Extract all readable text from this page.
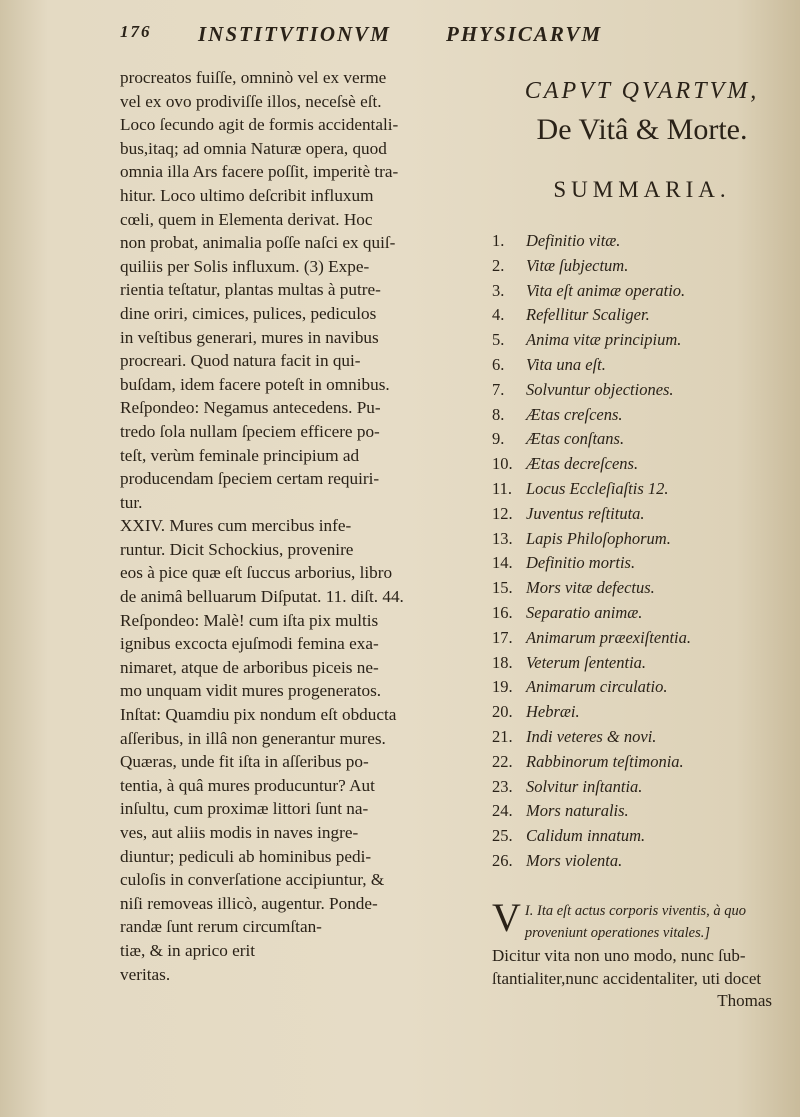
176 INSTITVTIONVM	PHYSICARVM
procreatos fuiſſe, omninò vel ex verme
vel ex ovo prodiviſſe illos, neceſsè eſt.
Loco ſecundo agit de formis accidentali-
bus,itaq; ad omnia Naturæ opera, quod
omnia illa Ars facere poſſit, imperitè tra-
hitur. Loco ultimo deſcribit influxum
cœli, quem in Elementa derivat. Hoc
non probat, animalia poſſe naſci ex quiſ-
quiliis per Solis influxum. (3) Expe-
rientia teſtatur, plantas multas à putre-
dine oriri, cimices, pulices, pediculos
in veſtibus generari, mures in navibus
procreari. Quod natura facit in qui-
buſdam, idem facere poteſt in omnibus.
Reſpondeo: Negamus antecedens. Pu-
tredo ſola nullam ſpeciem efficere po-
teſt, verùm feminale principium ad
producendam ſpeciem certam requiri-
tur.
XXIV. Mures cum mercibus infe-
runtur. Dicit Schockius, provenire
eos à pice quæ eſt ſuccus arborius, libro
de animâ belluarum Diſputat. 11. diſt. 44.
Reſpondeo: Malè! cum iſta pix multis
ignibus excocta ejuſmodi femina exa-
nimaret, atque de arboribus piceis ne-
mo unquam vidit mures progeneratos.
Inſtat: Quamdiu pix nondum eſt obducta
aſſeribus, in illâ non generantur mures.
Quæras, unde fit iſta in aſſeribus po-
tentia, à quâ mures producuntur? Aut
inſultu, cum proximæ littori ſunt na-
ves, aut aliis modis in naves ingre-
diuntur; pediculi ab hominibus pedi-
culoſis in converſatione accipiuntur, &
niſi removeas illicò, augentur. Ponde-
randæ ſunt rerum circumſtan-
tiæ, & in aprico erit
veritas.
CAPVT QVARTVM,
De Vitâ & Morte.
SUMMARIA.
1.	Definitio vitæ.
2.	Vitæ ſubjectum.
3.	Vita eſt animæ operatio.
4.	Refellitur Scaliger.
5.	Anima vitæ principium.
6.	Vita una eſt.
7.	Solvuntur objectiones.
8.	Ætas creſcens.
9.	Ætas conſtans.
10. Ætas decreſcens.
11. Locus Eccleſiaſtis 12.
12. Juventus reſtituta.
13. Lapis Philoſophorum.
14. Definitio mortis.
15. Mors vitæ defectus.
16. Separatio animæ.
17. Animarum præexiſtentia.
18. Veterum ſententia.
19. Animarum circulatio.
20. Hebræi.
21. Indi veteres & novi.
22. Rabbinorum teſtimonia.
23. Solvitur inſtantia.
24. Mors naturalis.
25. Calidum innatum.
26. Mors violenta.
I.
V Ita eſt actus corporis viventis, à quo
proveniunt operationes vitales.]
Dicitur vita non uno modo, nunc ſub-
ſtantialiter,nunc accidentaliter, uti docet
Thomas
